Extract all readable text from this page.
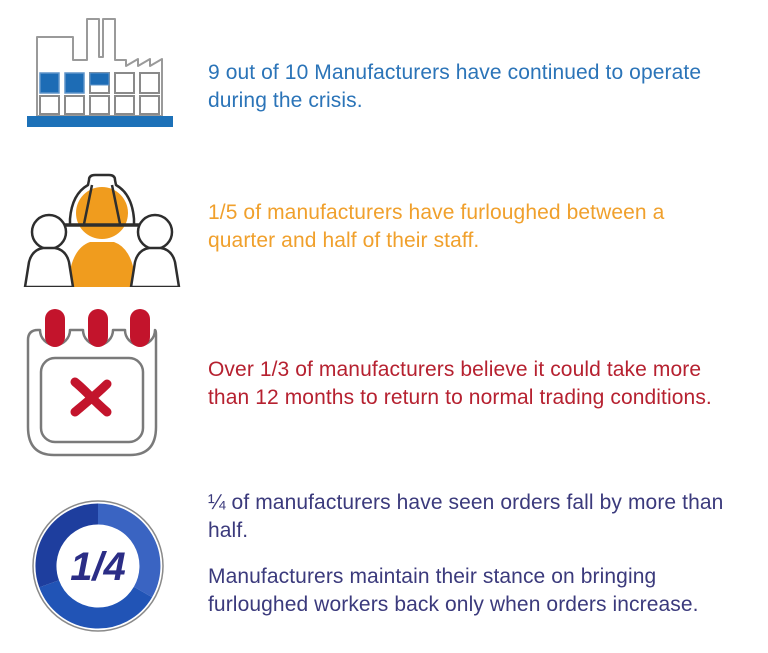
9 out of 10 Manufacturers have continued to operate during the crisis.

1/5 of manufacturers have furloughed between a quarter and half of their staff.

Over 1/3 of manufacturers believe it could take more than 12 months to return to normal trading conditions.

1/4

¼ of manufacturers have seen orders fall by more than half.

Manufacturers maintain their stance on bringing furloughed workers back only when orders increase.
